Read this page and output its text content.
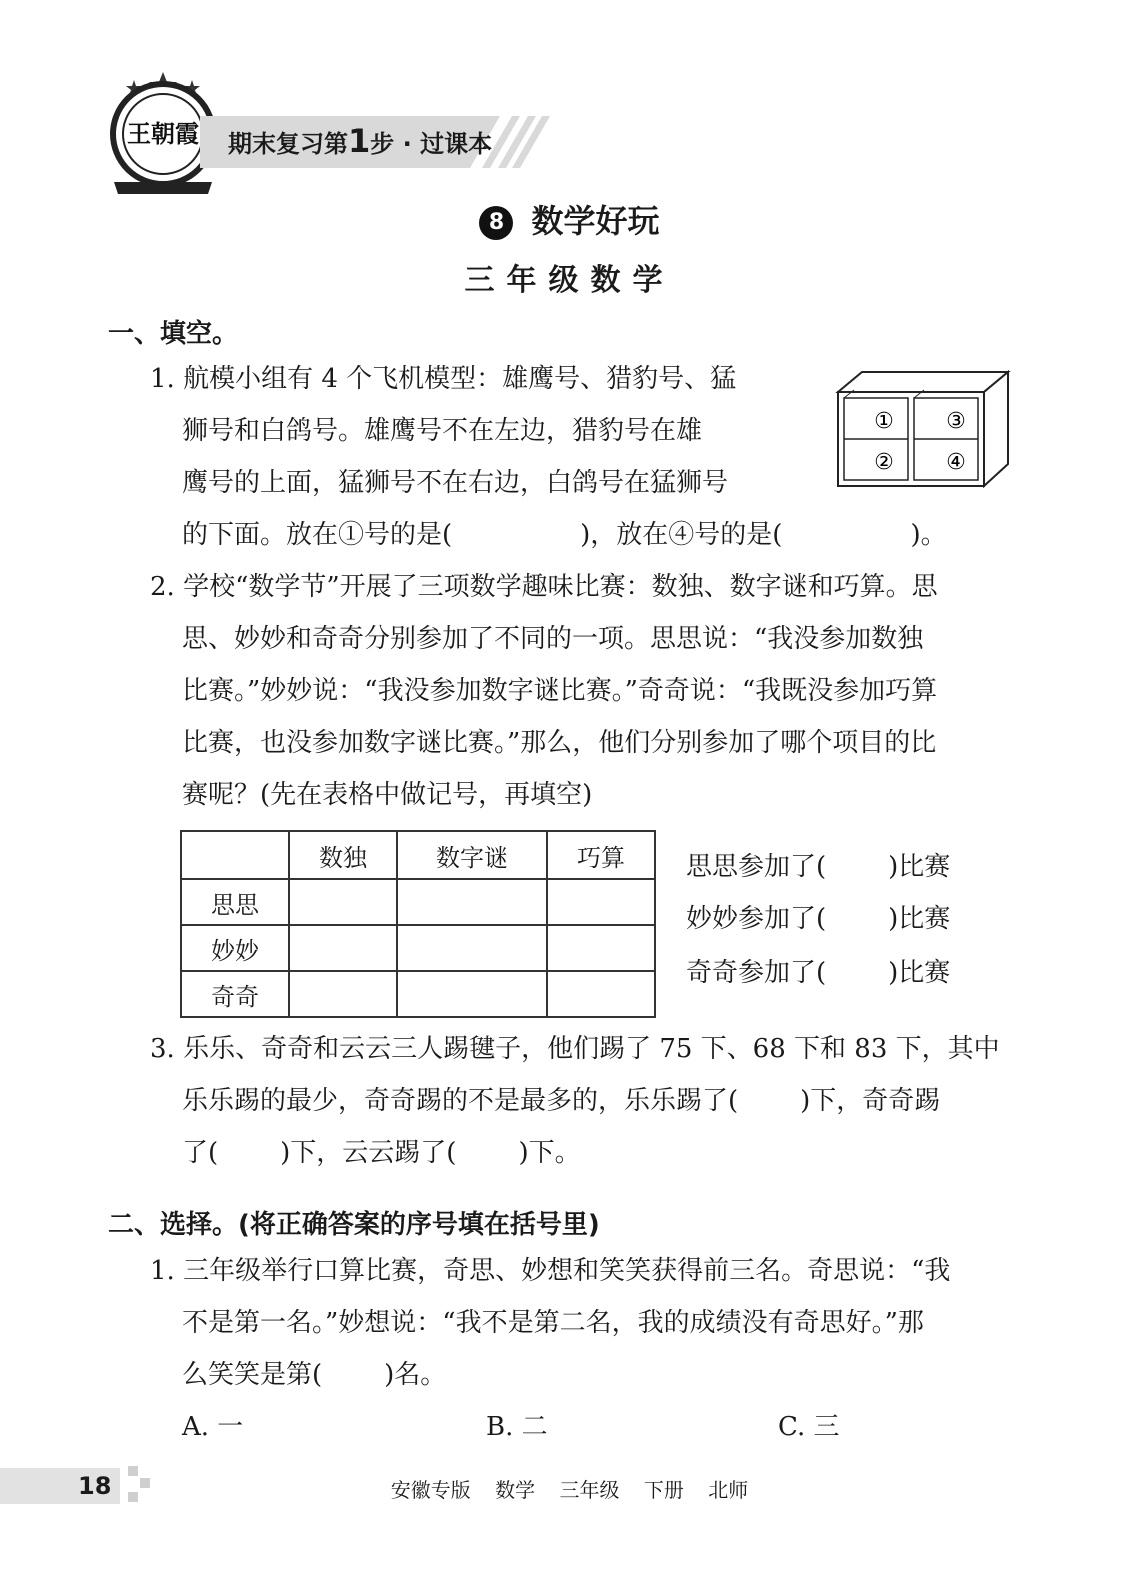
王朝霞 期末复习第1步 · 过课本
8 数学好玩
三年级数学
一、填空。
1. 航模小组有 4 个飞机模型：雄鹰号、猎豹号、猛
狮号和白鸽号。雄鹰号不在左边，猎豹号在雄
鹰号的上面，猛狮号不在右边，白鸽号在猛狮号
的下面。放在①号的是(	)，放在④号的是(	)。
①
②
③
④
2. 学校“数学节”开展了三项数学趣味比赛：数独、数字谜和巧算。思
思、妙妙和奇奇分别参加了不同的一项。思思说：“我没参加数独
比赛。”妙妙说：“我没参加数字谜比赛。”奇奇说：“我既没参加巧算
比赛，也没参加数字谜比赛。”那么，他们分别参加了哪个项目的比
赛呢？(先在表格中做记号，再填空)
	数独	数字谜	巧算
思思			
妙妙			
奇奇			
思思参加了( )比赛
妙妙参加了( )比赛
奇奇参加了( )比赛
3. 乐乐、奇奇和云云三人踢毽子，他们踢了 75 下、68 下和 83 下，其中
乐乐踢的最少，奇奇踢的不是最多的，乐乐踢了( )下，奇奇踢
了( )下，云云踢了( )下。
二、选择。(将正确答案的序号填在括号里)
1. 三年级举行口算比赛，奇思、妙想和笑笑获得前三名。奇思说：“我
不是第一名。”妙想说：“我不是第二名，我的成绩没有奇思好。”那
么笑笑是第( )名。
A. 一	B. 二	C. 三
18	安徽专版 数学 三年级 下册 北师
